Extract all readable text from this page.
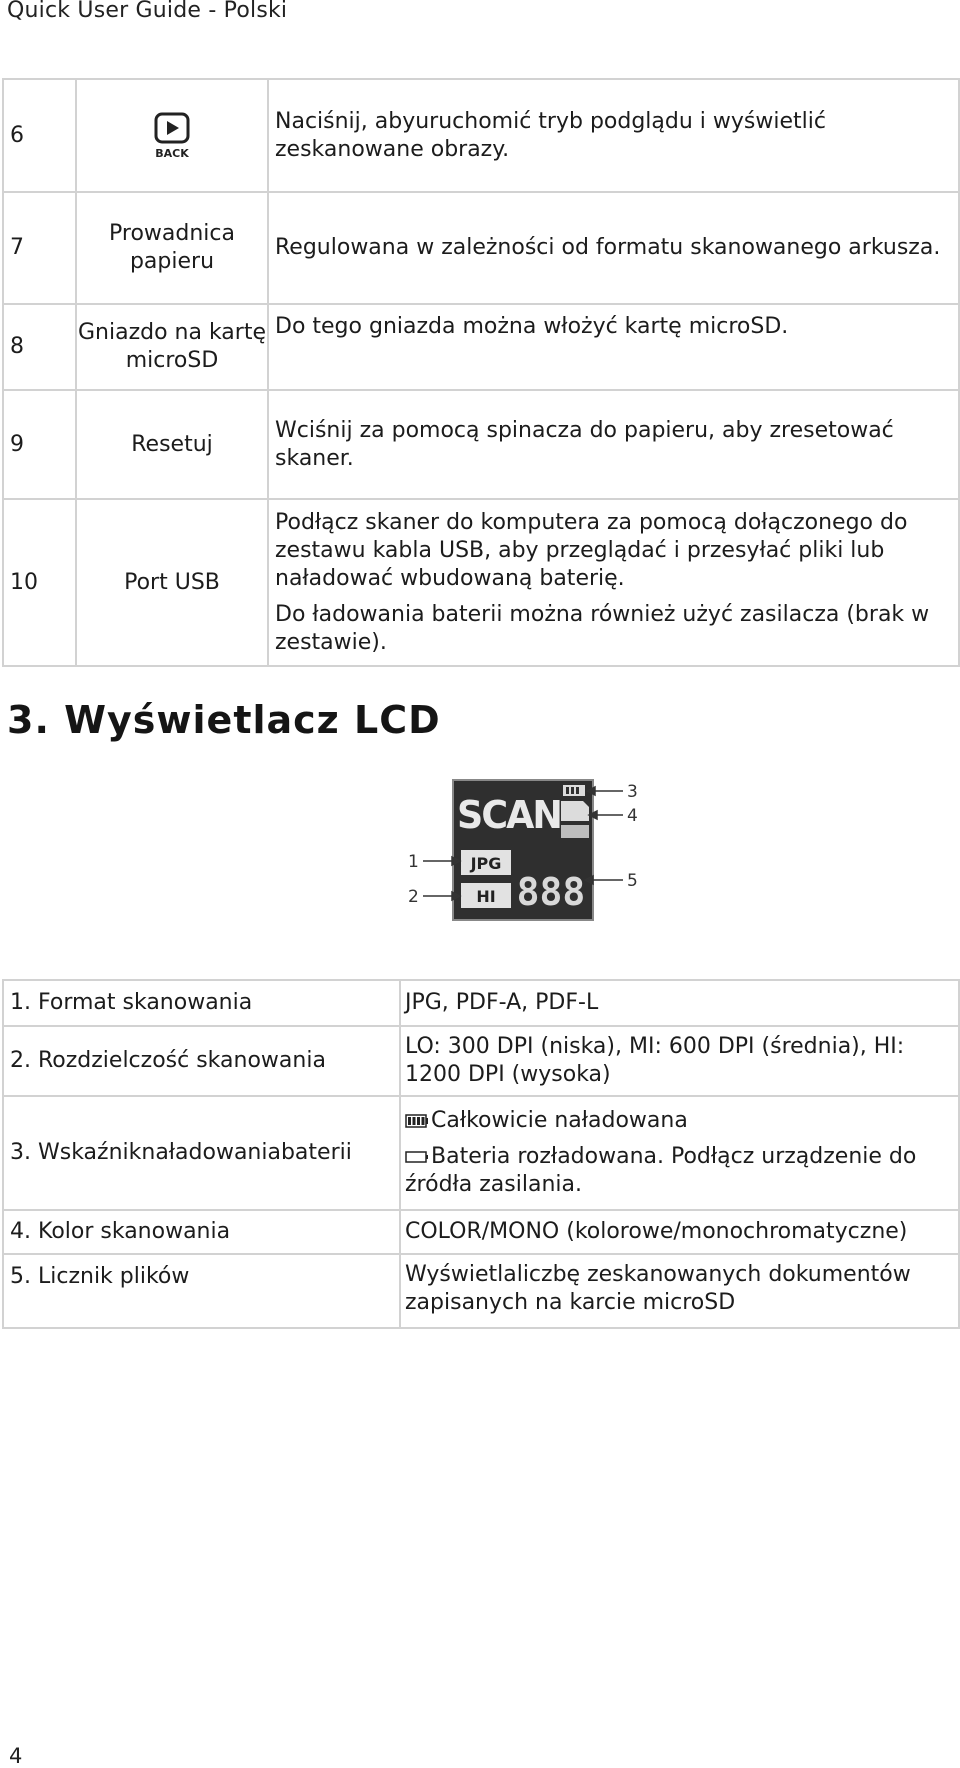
Quick User Guide - Polski
6	BACK	Naciśnij, abyuruchomić tryb podglądu i wyświetlić zeskanowane obrazy.

7	Prowadnica papieru	Regulowana w zależności od formatu skanowanego arkusza.

8	Gniazdo na kartę microSD	Do tego gniazda można włożyć kartę microSD.

9	Resetuj	Wciśnij za pomocą spinacza do papieru, aby zresetować skaner.

10	Port USB	Podłącz skaner do komputera za pomocą dołączonego do zestawu kabla USB, aby przeglądać i przesyłać pliki lub naładować wbudowaną baterię.

Do ładowania baterii można również użyć zasilacza (brak w zestawie).

3. Wyświetlacz LCD
SCAN
JPG
HI 888
1
2
3
4
5
1. Format skanowania	JPG, PDF-A, PDF-L
2. Rozdzielczość skanowania	LO: 300 DPI (niska), MI: 600 DPI (średnia), HI: 1200 DPI (wysoka)
3. Wskaźniknaładowaniabaterii	Całkowicie naładowana
Bateria rozładowana. Podłącz urządzenie do źródła zasilania.

4. Kolor skanowania	COLOR/MONO (kolorowe/monochromatyczne)
5. Licznik plików	Wyświetlaliczbę zeskanowanych dokumentów zapisanych na karcie microSD
4
